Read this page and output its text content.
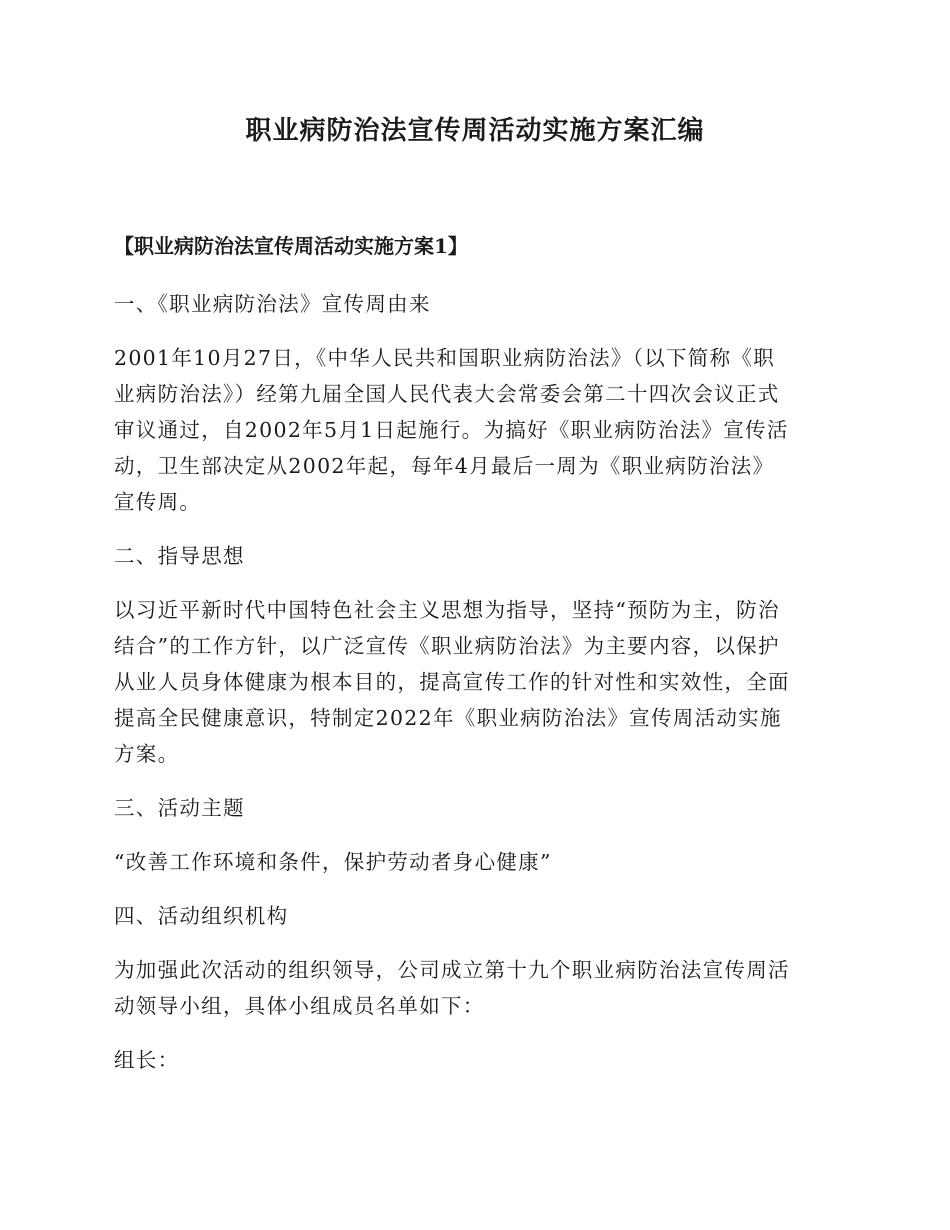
职业病防治法宣传周活动实施方案汇编
【职业病防治法宣传周活动实施方案1】
一、《职业病防治法》宣传周由来
2001年10月27日，《中华人民共和国职业病防治法》（以下简称《职
业病防治法》）经第九届全国人民代表大会常委会第二十四次会议正式
审议通过，自2002年5月1日起施行。为搞好《职业病防治法》宣传活
动，卫生部决定从2002年起，每年4月最后一周为《职业病防治法》
宣传周。
二、指导思想
以习近平新时代中国特色社会主义思想为指导，坚持“预防为主，防治
结合”的工作方针，以广泛宣传《职业病防治法》为主要内容，以保护
从业人员身体健康为根本目的，提高宣传工作的针对性和实效性，全面
提高全民健康意识，特制定2022年《职业病防治法》宣传周活动实施
方案。
三、活动主题
“改善工作环境和条件，保护劳动者身心健康”
四、活动组织机构
为加强此次活动的组织领导，公司成立第十九个职业病防治法宣传周活
动领导小组，具体小组成员名单如下：
组长：
